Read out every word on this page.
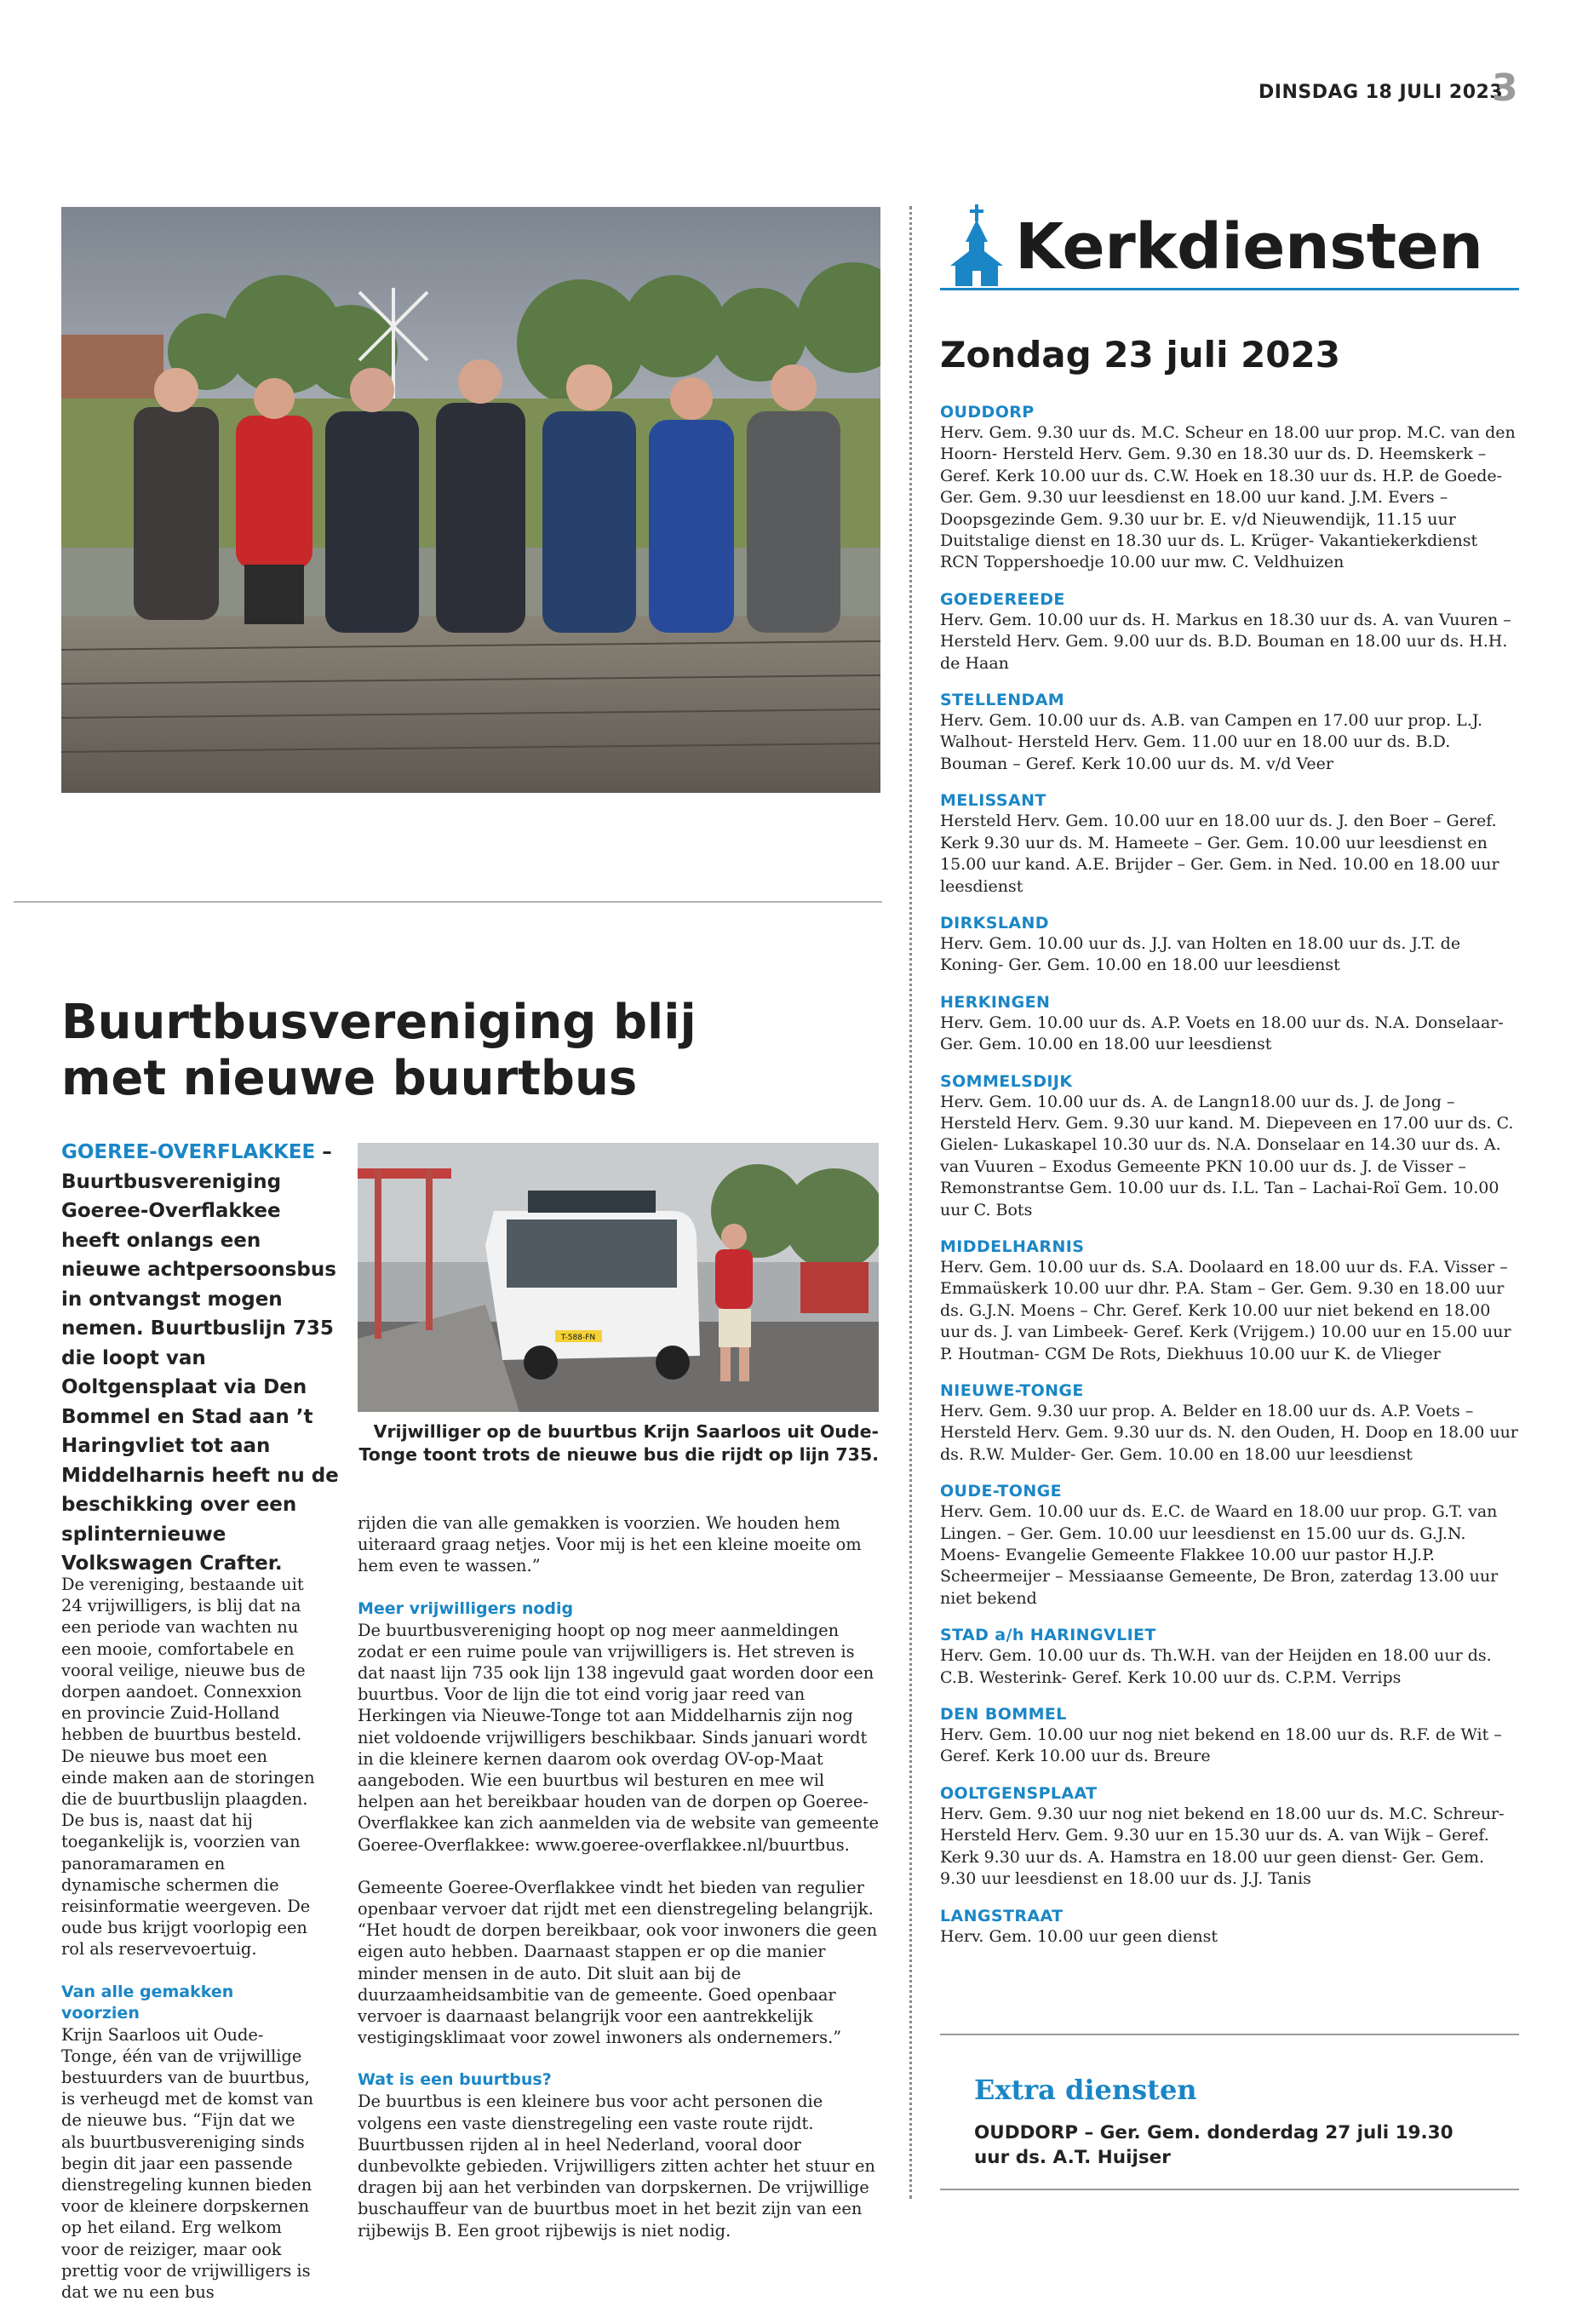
DINSDAG 18 JULI 2023
3
Buurtbusvereniging blij
met nieuwe buurtbus

GOEREE-OVERFLAKKEE – Buurtbusvereniging Goeree-Overflakkee heeft onlangs een nieuwe achtpersoonsbus in ontvangst mogen nemen. Buurtbuslijn 735 die loopt van Ooltgensplaat via Den Bommel en Stad aan ’t Haringvliet tot aan Middelharnis heeft nu de beschikking over een splinternieuwe Volkswagen Crafter.

De vereniging, bestaande uit 24 vrijwilligers, is blij dat na een periode van wachten nu een mooie, comfortabele en vooral veilige, nieuwe bus de dorpen aandoet. Connexxion en provincie Zuid-Holland hebben de buurtbus besteld. De nieuwe bus moet een einde maken aan de storingen die de buurtbuslijn plaagden. De bus is, naast dat hij toegankelijk is, voorzien van panoramaramen en dynamische schermen die reisinformatie weergeven. De oude bus krijgt voorlopig een rol als reservevoertuig.

Van alle gemakken voorzien

Krijn Saarloos uit Oude-Tonge, één van de vrijwillige bestuurders van de buurtbus, is verheugd met de komst van de nieuwe bus. “Fijn dat we als buurtbusvereniging sinds begin dit jaar een passende dienstregeling kunnen bieden voor de kleinere dorpskernen op het eiland. Erg welkom voor de reiziger, maar ook prettig voor de vrijwilligers is dat we nu een bus

T-588-FN

Vrijwilliger op de buurtbus Krijn Saarloos uit Oude-Tonge toont trots de nieuwe bus die rijdt op lijn 735.

rijden die van alle gemakken is voorzien. We houden hem uiteraard graag netjes. Voor mij is het een kleine moeite om hem even te wassen.”

Meer vrijwilligers nodig

De buurtbusvereniging hoopt op nog meer aanmeldingen zodat er een ruime poule van vrijwilligers is. Het streven is dat naast lijn 735 ook lijn 138 ingevuld gaat worden door een buurtbus. Voor de lijn die tot eind vorig jaar reed van Herkingen via Nieuwe-Tonge tot aan Middelharnis zijn nog niet voldoende vrijwilligers beschikbaar. Sinds januari wordt in die kleinere kernen daarom ook overdag OV-op-Maat aangeboden. Wie een buurtbus wil besturen en mee wil helpen aan het bereikbaar houden van de dorpen op Goeree-Overflakkee kan zich aanmelden via de website van gemeente Goeree-Overflakkee: www.goeree-overflakkee.nl/buurtbus.

Gemeente Goeree-Overflakkee vindt het bieden van regulier openbaar vervoer dat rijdt met een dienstregeling belangrijk. “Het houdt de dorpen bereikbaar, ook voor inwoners die geen eigen auto hebben. Daarnaast stappen er op die manier minder mensen in de auto. Dit sluit aan bij de duurzaamheidsambitie van de gemeente. Goed openbaar vervoer is daarnaast belangrijk voor een aantrekkelijk vestigingsklimaat voor zowel inwoners als ondernemers.”

Wat is een buurtbus?

De buurtbus is een kleinere bus voor acht personen die volgens een vaste dienstregeling een vaste route rijdt. Buurtbussen rijden al in heel Nederland, vooral door dunbevolkte gebieden. Vrijwilligers zitten achter het stuur en dragen bij aan het verbinden van dorpskernen. De vrijwillige buschauffeur van de buurtbus moet in het bezit zijn van een rijbewijs B. Een groot rijbewijs is niet nodig.

Kerkdiensten
Zondag 23 juli 2023
OUDDORP

Herv. Gem. 9.30 uur ds. M.C. Scheur en 18.00 uur prop. M.C. van den Hoorn- Hersteld Herv. Gem. 9.30 en 18.30 uur ds. D. Heemskerk – Geref. Kerk 10.00 uur ds. C.W. Hoek en 18.30 uur ds. H.P. de Goede- Ger. Gem. 9.30 uur leesdienst en 18.00 uur kand. J.M. Evers – Doopsgezinde Gem. 9.30 uur br. E. v/d Nieuwendijk, 11.15 uur Duitstalige dienst en 18.30 uur ds. L. Krüger- Vakantiekerkdienst RCN Toppershoedje 10.00 uur mw. C. Veldhuizen

GOEDEREEDE

Herv. Gem. 10.00 uur ds. H. Markus en 18.30 uur ds. A. van Vuuren – Hersteld Herv. Gem. 9.00 uur ds. B.D. Bouman en 18.00 uur ds. H.H. de Haan

STELLENDAM

Herv. Gem. 10.00 uur ds. A.B. van Campen en 17.00 uur prop. L.J. Walhout- Hersteld Herv. Gem. 11.00 uur en 18.00 uur ds. B.D. Bouman – Geref. Kerk 10.00 uur ds. M. v/d Veer

MELISSANT

Hersteld Herv. Gem. 10.00 uur en 18.00 uur ds. J. den Boer – Geref. Kerk 9.30 uur ds. M. Hameete – Ger. Gem. 10.00 uur leesdienst en 15.00 uur kand. A.E. Brijder – Ger. Gem. in Ned. 10.00 en 18.00 uur leesdienst

DIRKSLAND

Herv. Gem. 10.00 uur ds. J.J. van Holten en 18.00 uur ds. J.T. de Koning- Ger. Gem. 10.00 en 18.00 uur leesdienst

HERKINGEN

Herv. Gem. 10.00 uur ds. A.P. Voets en 18.00 uur ds. N.A. Donselaar- Ger. Gem. 10.00 en 18.00 uur leesdienst

SOMMELSDIJK

Herv. Gem. 10.00 uur ds. A. de Langn18.00 uur ds. J. de Jong – Hersteld Herv. Gem. 9.30 uur kand. M. Diepeveen en 17.00 uur ds. C. Gielen- Lukaskapel 10.30 uur ds. N.A. Donselaar en 14.30 uur ds. A. van Vuuren – Exodus Gemeente PKN 10.00 uur ds. J. de Visser – Remonstrantse Gem. 10.00 uur ds. I.L. Tan – Lachai-Roï Gem. 10.00 uur C. Bots

MIDDELHARNIS

Herv. Gem. 10.00 uur ds. S.A. Doolaard en 18.00 uur ds. F.A. Visser – Emmaüskerk 10.00 uur dhr. P.A. Stam – Ger. Gem. 9.30 en 18.00 uur ds. G.J.N. Moens – Chr. Geref. Kerk 10.00 uur niet bekend en 18.00 uur ds. J. van Limbeek- Geref. Kerk (Vrijgem.) 10.00 uur en 15.00 uur P. Houtman- CGM De Rots, Diekhuus 10.00 uur K. de Vlieger

NIEUWE-TONGE

Herv. Gem. 9.30 uur prop. A. Belder en 18.00 uur ds. A.P. Voets – Hersteld Herv. Gem. 9.30 uur ds. N. den Ouden, H. Doop en 18.00 uur ds. R.W. Mulder- Ger. Gem. 10.00 en 18.00 uur leesdienst

OUDE-TONGE

Herv. Gem. 10.00 uur ds. E.C. de Waard en 18.00 uur prop. G.T. van Lingen. – Ger. Gem. 10.00 uur leesdienst en 15.00 uur ds. G.J.N. Moens- Evangelie Gemeente Flakkee 10.00 uur pastor H.J.P. Scheermeijer – Messiaanse Gemeente, De Bron, zaterdag 13.00 uur niet bekend

STAD a/h HARINGVLIET

Herv. Gem. 10.00 uur ds. Th.W.H. van der Heijden en 18.00 uur ds. C.B. Westerink- Geref. Kerk 10.00 uur ds. C.P.M. Verrips

DEN BOMMEL

Herv. Gem. 10.00 uur nog niet bekend en 18.00 uur ds. R.F. de Wit – Geref. Kerk 10.00 uur ds. Breure

OOLTGENSPLAAT

Herv. Gem. 9.30 uur nog niet bekend en 18.00 uur ds. M.C. Schreur- Hersteld Herv. Gem. 9.30 uur en 15.30 uur ds. A. van Wijk – Geref. Kerk 9.30 uur ds. A. Hamstra en 18.00 uur geen dienst- Ger. Gem. 9.30 uur leesdienst en 18.00 uur ds. J.J. Tanis

LANGSTRAAT

Herv. Gem. 10.00 uur geen dienst

Extra diensten

OUDDORP – Ger. Gem. donderdag 27 juli 19.30 uur ds. A.T. Huijser
